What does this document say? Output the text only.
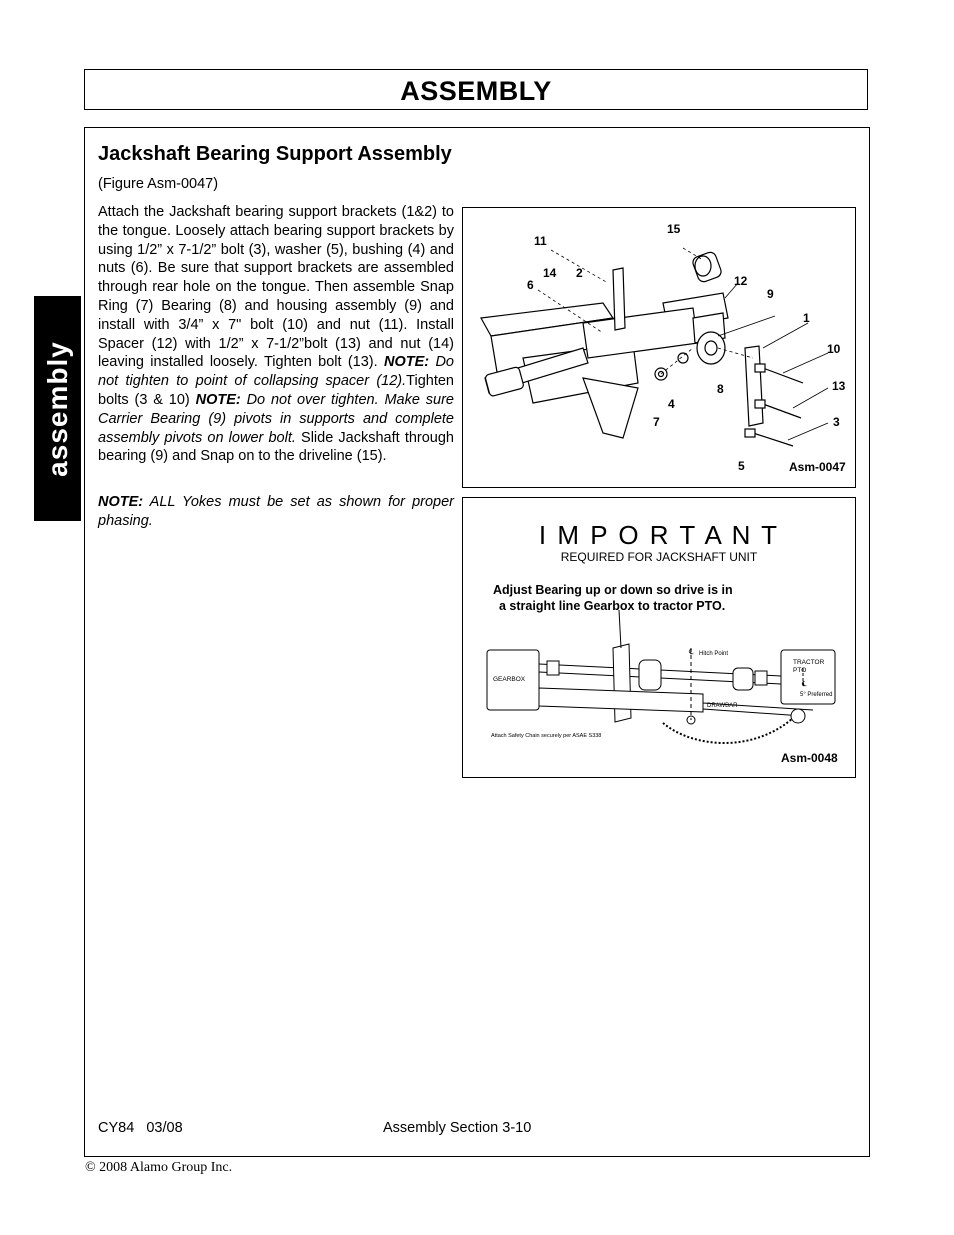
ASSEMBLY
assembly
Jackshaft Bearing Support Assembly
(Figure Asm-0047)
Attach the Jackshaft bearing support brackets (1&2) to the tongue. Loosely attach bearing support brackets by using 1/2” x 7-1/2” bolt (3), washer (5), bushing (4) and nuts (6). Be sure that support brackets are assembled through rear hole on the tongue. Then assemble Snap Ring (7) Bearing (8) and housing assembly (9) and install with 3/4” x 7" bolt (10) and nut (11). Install Spacer (12) with 1/2” x 7-1/2”bolt (13) and nut (14) leaving installed loosely. Tighten bolt (13). NOTE: Do not tighten to point of collapsing spacer (12).Tighten bolts (3 & 10) NOTE: Do not over tighten. Make sure Carrier Bearing (9) pivots in supports and complete assembly pivots on lower bolt. Slide Jackshaft through bearing (9) and Snap on to the driveline (15).
NOTE: ALL Yokes must be set as shown for proper phasing.
15
11
14 2
12
6
9
1
10
13
8
4
7	3
5	Asm-0047
I M P O R T A N T
REQUIRED FOR JACKSHAFT UNIT
Adjust Bearing up or down so drive is in
a straight line Gearbox to tractor PTO.
GEARBOX
TRACTOR
PTO
℄ Hitch Point
℄
5° Preferred
DRAWBAR
Attach Safety Chain securely per ASAE S338
Asm-0048
CY84   03/08	Assembly Section 3-10
© 2008 Alamo Group Inc.
